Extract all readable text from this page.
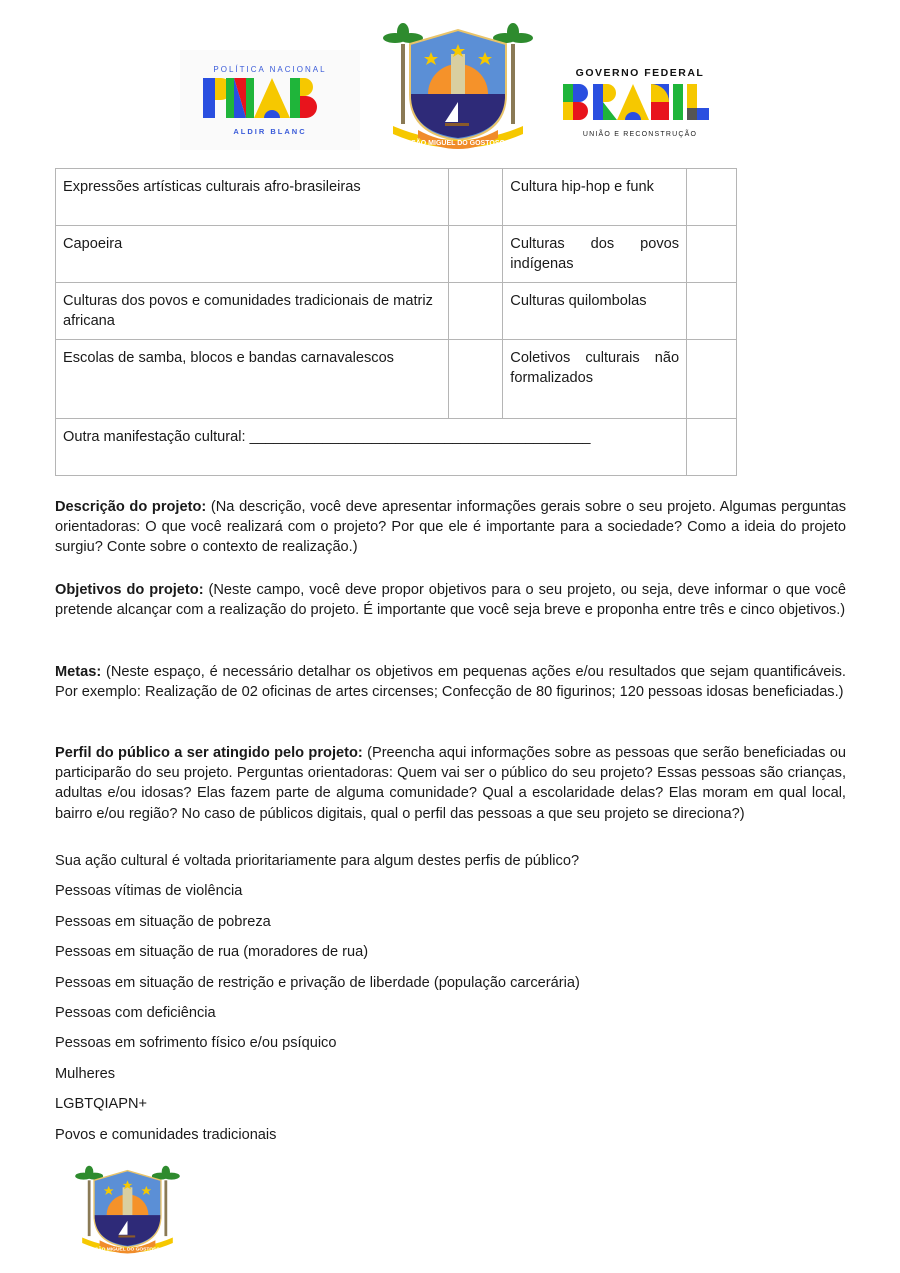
POLÍTICA NACIONAL
ALDIR BLANC
SÃO MIGUEL DO GOSTOSO
GOVERNO FEDERAL
UNIÃO E RECONSTRUÇÃO
Expressões artísticas culturais afro-brasileiras		Cultura hip-hop e funk	
Capoeira		Culturas dos povos
indígenas	

Culturas dos povos e comunidades tradicionais de matriz africana		Culturas quilombolas	
Escolas de samba, blocos e bandas carnavalescos		Coletivos culturais não
formalizados	

Outra manifestação cultural: __________________________________________			
Descrição do projeto: (Na descrição, você deve apresentar informações gerais sobre o seu projeto. Algumas perguntas orientadoras: O que você realizará com o projeto? Por que ele é importante para a sociedade? Como a ideia do projeto surgiu? Conte sobre o contexto de realização.)
Objetivos do projeto: (Neste campo, você deve propor objetivos para o seu projeto, ou seja, deve informar o que você pretende alcançar com a realização do projeto. É importante que você seja breve e proponha entre três e cinco objetivos.)
Metas: (Neste espaço, é necessário detalhar os objetivos em pequenas ações e/ou resultados que sejam quantificáveis. Por exemplo: Realização de 02 oficinas de artes circenses; Confecção de 80 figurinos; 120 pessoas idosas beneficiadas.)
Perfil do público a ser atingido pelo projeto: (Preencha aqui informações sobre as pessoas que serão beneficiadas ou participarão do seu projeto. Perguntas orientadoras: Quem vai ser o público do seu projeto? Essas pessoas são crianças, adultas e/ou idosas? Elas fazem parte de alguma comunidade? Qual a escolaridade delas? Elas moram em qual local, bairro e/ou região? No caso de públicos digitais, qual o perfil das pessoas a que seu projeto se direciona?)
Sua ação cultural é voltada prioritariamente para algum destes perfis de público?
Pessoas vítimas de violência
Pessoas em situação de pobreza
Pessoas em situação de rua (moradores de rua)
Pessoas em situação de restrição e privação de liberdade (população carcerária)
Pessoas com deficiência
Pessoas em sofrimento físico e/ou psíquico
Mulheres
LGBTQIAPN+
Povos e comunidades tradicionais
SÃO MIGUEL DO GOSTOSO
